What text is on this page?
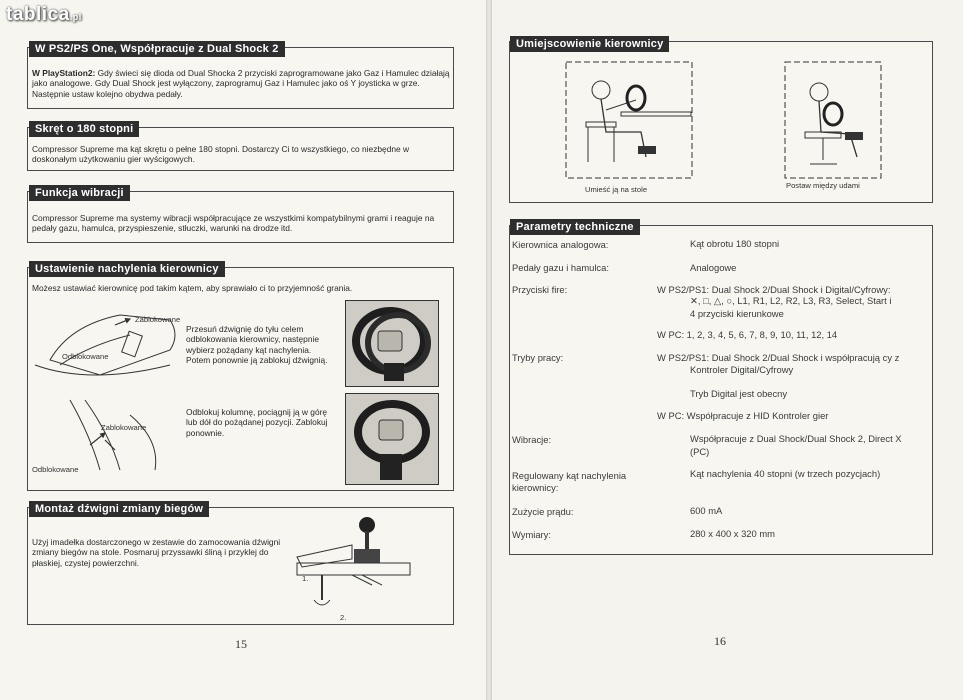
tablica.pl
W PS2/PS One, Współpracuje z Dual Shock 2
W PlayStation2: Gdy świeci się dioda od Dual Shocka 2 przyciski zaprogramowane jako Gaz i Hamulec działają jako analogowe. Gdy Dual Shock jest wyłączony, zaprogramuj Gaz i Hamulec jako oś Y joysticka w grze. Następnie ustaw kolejno obydwa pedały.
Skręt o 180 stopni
Compressor Supreme ma kąt skrętu o pełne 180 stopni. Dostarczy Ci to wszystkiego, co niezbędne w doskonałym użytkowaniu gier wyścigowych.
Funkcja wibracji
Compressor Supreme ma systemy wibracji współpracujące ze wszystkimi kompatybilnymi grami i reaguje na pedały gazu, hamulca, przyspieszenie, stłuczki, warunki na drodze itd.
Ustawienie nachylenia kierownicy
Możesz ustawiać kierownicę pod takim kątem, aby sprawiało ci to przyjemność grania.
Zablokowane
Odblokowane
Przesuń dźwignię do tyłu celem odblokowania kierownicy, następnie wybierz pożądany kąt nachylenia. Potem ponownie ją zablokuj dźwignią.
Zablokowane
Odblokowane
Odblokuj kolumnę, pociągnij ją w górę lub dół do pożądanej pozycji. Zablokuj ponownie.
Montaż dźwigni zmiany biegów
Użyj imadełka dostarczonego w zestawie do zamocowania dźwigni zmiany biegów na stole. Posmaruj przyssawki śliną i przyklej do płaskiej, czystej powierzchni.
1.
2.
15
Umiejscowienie kierownicy
Umieść ją na stole	Postaw między udami
Parametry techniczne
Kierownica analogowa:	Kąt obrotu 180 stopni
Pedały gazu i hamulca:	Analogowe
Przyciski fire:	W PS2/PS1: Dual Shock 2/Dual Shock i Digital/Cyfrowy:
✕, □, △, ○, L1, R1, L2, R2, L3, R3, Select, Start i
4 przyciski kierunkowe
W PC: 1, 2, 3, 4, 5, 6, 7, 8, 9, 10, 11, 12, 14
Tryby pracy:	W PS2/PS1: Dual Shock 2/Dual Shock i współpracują cy z
Kontroler Digital/Cyfrowy
Tryb Digital jest obecny
W PC: Współpracuje z HID Kontroler gier
Wibracje:	Współpracuje z Dual Shock/Dual Shock 2, Direct X
(PC)
Regulowany kąt nachylenia kierownicy:
Kąt nachylenia 40 stopni (w trzech pozycjach)
Zużycie prądu:	600 mA
Wymiary:	280 x 400 x 320 mm
16
